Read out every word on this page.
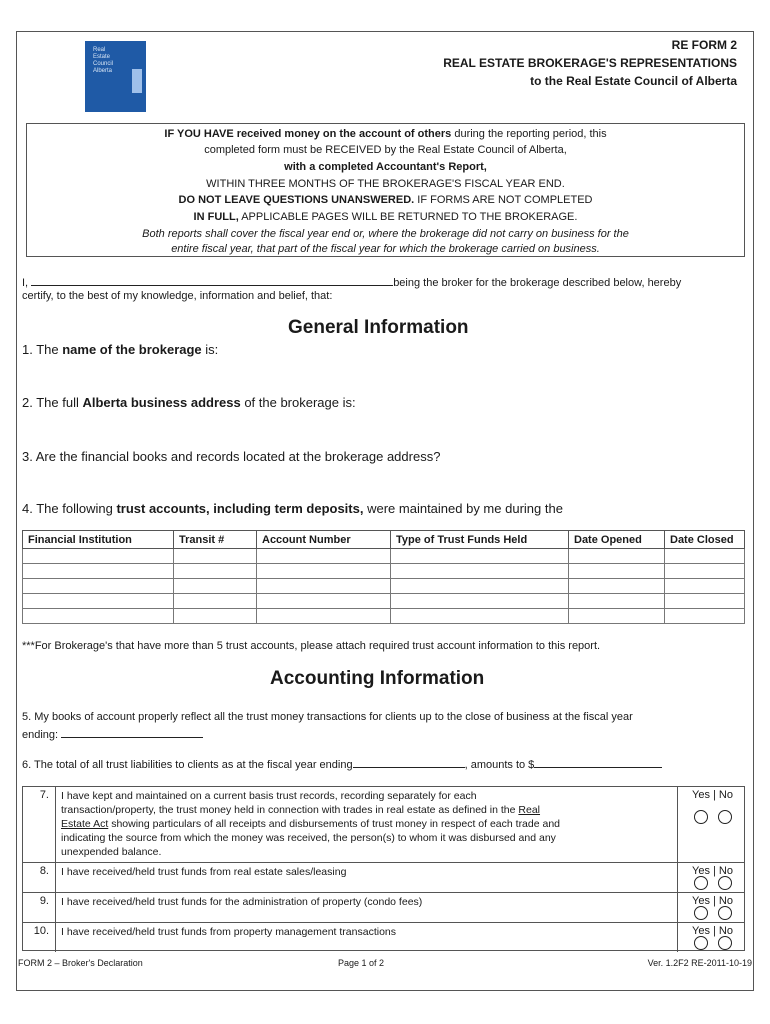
Real
Estate
Council
Alberta
RE FORM 2
REAL ESTATE BROKERAGE'S REPRESENTATIONS
to the Real Estate Council of Alberta
IF YOU HAVE received money on the account of others during the reporting period, this
completed form must be RECEIVED by the Real Estate Council of Alberta,
with a completed Accountant's Report,
WITHIN THREE MONTHS OF THE BROKERAGE'S FISCAL YEAR END.
DO NOT LEAVE QUESTIONS UNANSWERED. IF FORMS ARE NOT COMPLETED
IN FULL, APPLICABLE PAGES WILL BE RETURNED TO THE BROKERAGE.
Both reports shall cover the fiscal year end or, where the brokerage did not carry on business for the
entire fiscal year, that part of the fiscal year for which the brokerage carried on business.
I,	being the broker for the brokerage described below, hereby
certify, to the best of my knowledge, information and belief, that:
General Information
1. The name of the brokerage is:
2. The full Alberta business address of the brokerage is:
3. Are the financial books and records located at the brokerage address?
4. The following trust accounts, including term deposits, were maintained by me during the
Financial Institution	Transit #	Account Number	Type of Trust Funds Held	Date Opened	Date Closed

***For Brokerage's that have more than 5 trust accounts, please attach required trust account information to this report.
Accounting Information
5. My books of account properly reflect all the trust money transactions for clients up to the close of business at the fiscal year
ending:
6. The total of all trust liabilities to clients as at the fiscal year ending	, amounts to $
7.	I have kept and maintained on a current basis trust records, recording separately for each
transaction/property, the trust money held in connection with trades in real estate as defined in the Real
Estate Act showing particulars of all receipts and disbursements of trust money in respect of each trade and
indicating the source from which the money was received, the person(s) to whom it was disbursed and any
unexpended balance.
Yes | No
8.	I have received/held trust funds from real estate sales/leasing	Yes | No
9.	I have received/held trust funds for the administration of property (condo fees)	Yes | No
10.	I have received/held trust funds from property management transactions	Yes | No
FORM 2 – Broker's Declaration	Page 1 of 2	Ver. 1.2F2 RE-2011-10-19
